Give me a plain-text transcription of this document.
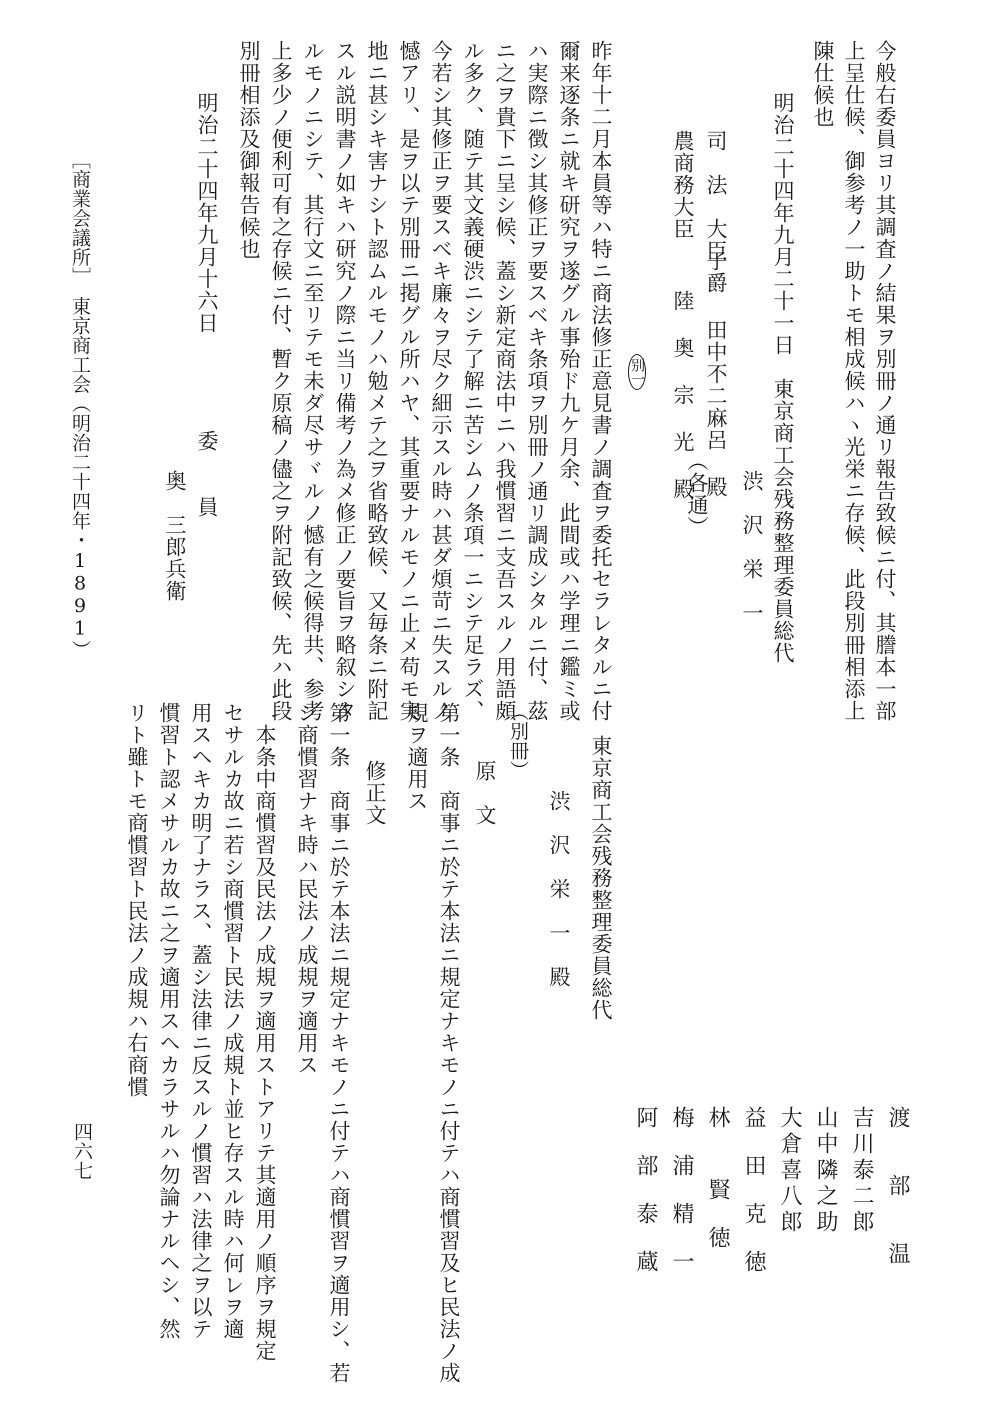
今般右委員ヨリ其調査ノ結果ヲ別冊ノ通リ報告致候ニ付、其謄本一部
上呈仕候、御参考ノ一助トモ相成候ハヽ光栄ニ存候、此段別冊相添上
陳仕候也
明治二十四年九月二十一日　東京商工会残務整理委員総代
渋　沢　栄　一
司　法　大臣
子爵 田中不二麻呂 殿
農商務大臣
陸 奥 宗 光 殿
（各通）
别一
昨年十二月本員等ハ特ニ商法修正意見書ノ調査ヲ委托セラレタルニ付
爾来逐条ニ就キ研究ヲ遂グル事殆ド九ケ月余、此間或ハ学理ニ鑑ミ或
ハ実際ニ徴シ其修正ヲ要スベキ条項ヲ別冊ノ通リ調成シタルニ付、茲
ニ之ヲ貴下ニ呈シ候、蓋シ新定商法中ニハ我慣習ニ支吾スルノ用語頗
ル多ク、随テ其文義硬渋ニシテ了解ニ苦シムノ条項一ニシテ足ラズ、
今若シ其修正ヲ要スベキ廉々ヲ尽ク細示スル時ハ甚ダ煩苛ニ失スルノ
憾アリ、是ヲ以テ別冊ニ掲グル所ハヤ、其重要ナルモノニ止メ苟モ実
地ニ甚シキ害ナシト認ムルモノハ勉メテ之ヲ省略致候、又毎条ニ附記
スル説明書ノ如キハ研究ノ際ニ当リ備考ノ為メ修正ノ要旨ヲ略叙シタ
ルモノニシテ、其行文ニ至リテモ未ダ尽サヾルノ憾有之候得共、参考
上多少ノ便利可有之存候ニ付、暫ク原稿ノ儘之ヲ附記致候、先ハ此段
別冊相添及御報告候也
明治二十四年九月十六日
委　　員
奥　三郎兵衛
［商業会議所］　東京商工会（明治二十四年・1891）
東京商工会残務整理委員総代
渋　沢　栄　一　殿
（別冊）
原　文
第一条　商事ニ於テ本法ニ規定ナキモノニ付テハ商慣習及ヒ民法ノ成
規ヲ適用ス
修正文
第一条　商事ニ於テ本法ニ規定ナキモノニ付テハ商慣習ヲ適用シ、若
シ商慣習ナキ時ハ民法ノ成規ヲ適用ス
本条中商慣習及民法ノ成規ヲ適用ストアリテ其適用ノ順序ヲ規定
セサルカ故ニ若シ商慣習ト民法ノ成規ト並ヒ存スル時ハ何レヲ適
用スヘキカ明了ナラス、蓋シ法律ニ反スルノ慣習ハ法律之ヲ以テ
慣習ト認メサルカ故ニ之ヲ適用スヘカラサルハ勿論ナルヘシ、然
リト雖トモ商慣習ト民法ノ成規ハ右商慣
渡　部　温
吉川泰二郎
山中隣之助
大倉喜八郎
益　田　克　徳
林　　賢　徳
梅　浦　精　一
阿　部　泰　蔵
四六七
